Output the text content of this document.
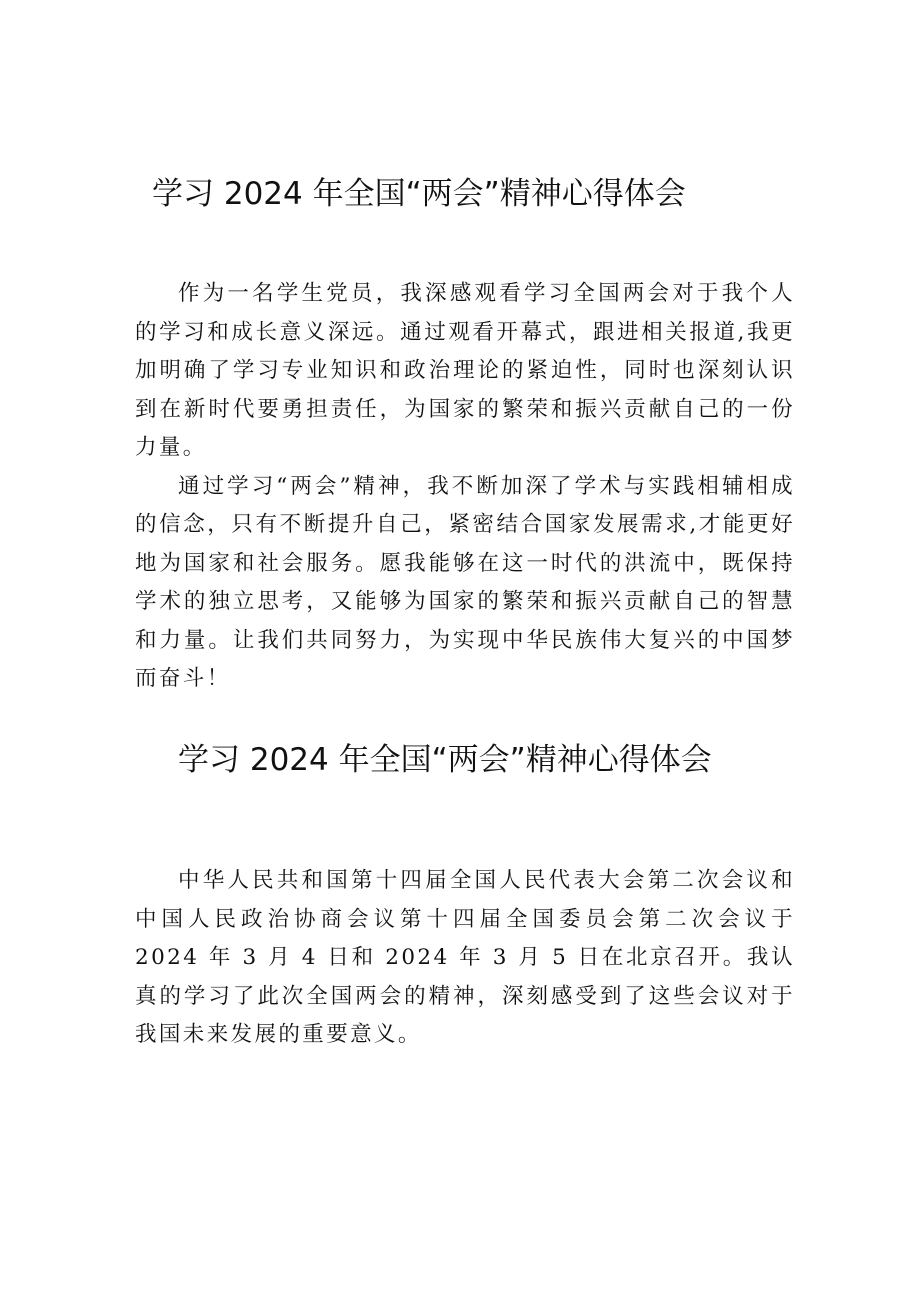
学习 2024 年全国“两会”精神心得体会

作为一名学生党员，我深感观看学习全国两会对于我个人的学习和成长意义深远。通过观看开幕式，跟进相关报道,我更加明确了学习专业知识和政治理论的紧迫性，同时也深刻认识到在新时代要勇担责任，为国家的繁荣和振兴贡献自己的一份力量。

通过学习“两会”精神，我不断加深了学术与实践相辅相成的信念，只有不断提升自己，紧密结合国家发展需求,才能更好地为国家和社会服务。愿我能够在这一时代的洪流中，既保持学术的独立思考，又能够为国家的繁荣和振兴贡献自己的智慧和力量。让我们共同努力，为实现中华民族伟大复兴的中国梦而奋斗！

学习 2024 年全国“两会”精神心得体会

中华人民共和国第十四届全国人民代表大会第二次会议和中国人民政治协商会议第十四届全国委员会第二次会议于 2024 年 3 月 4 日和 2024 年 3 月 5 日在北京召开。我认真的学习了此次全国两会的精神，深刻感受到了这些会议对于我国未来发展的重要意义。
